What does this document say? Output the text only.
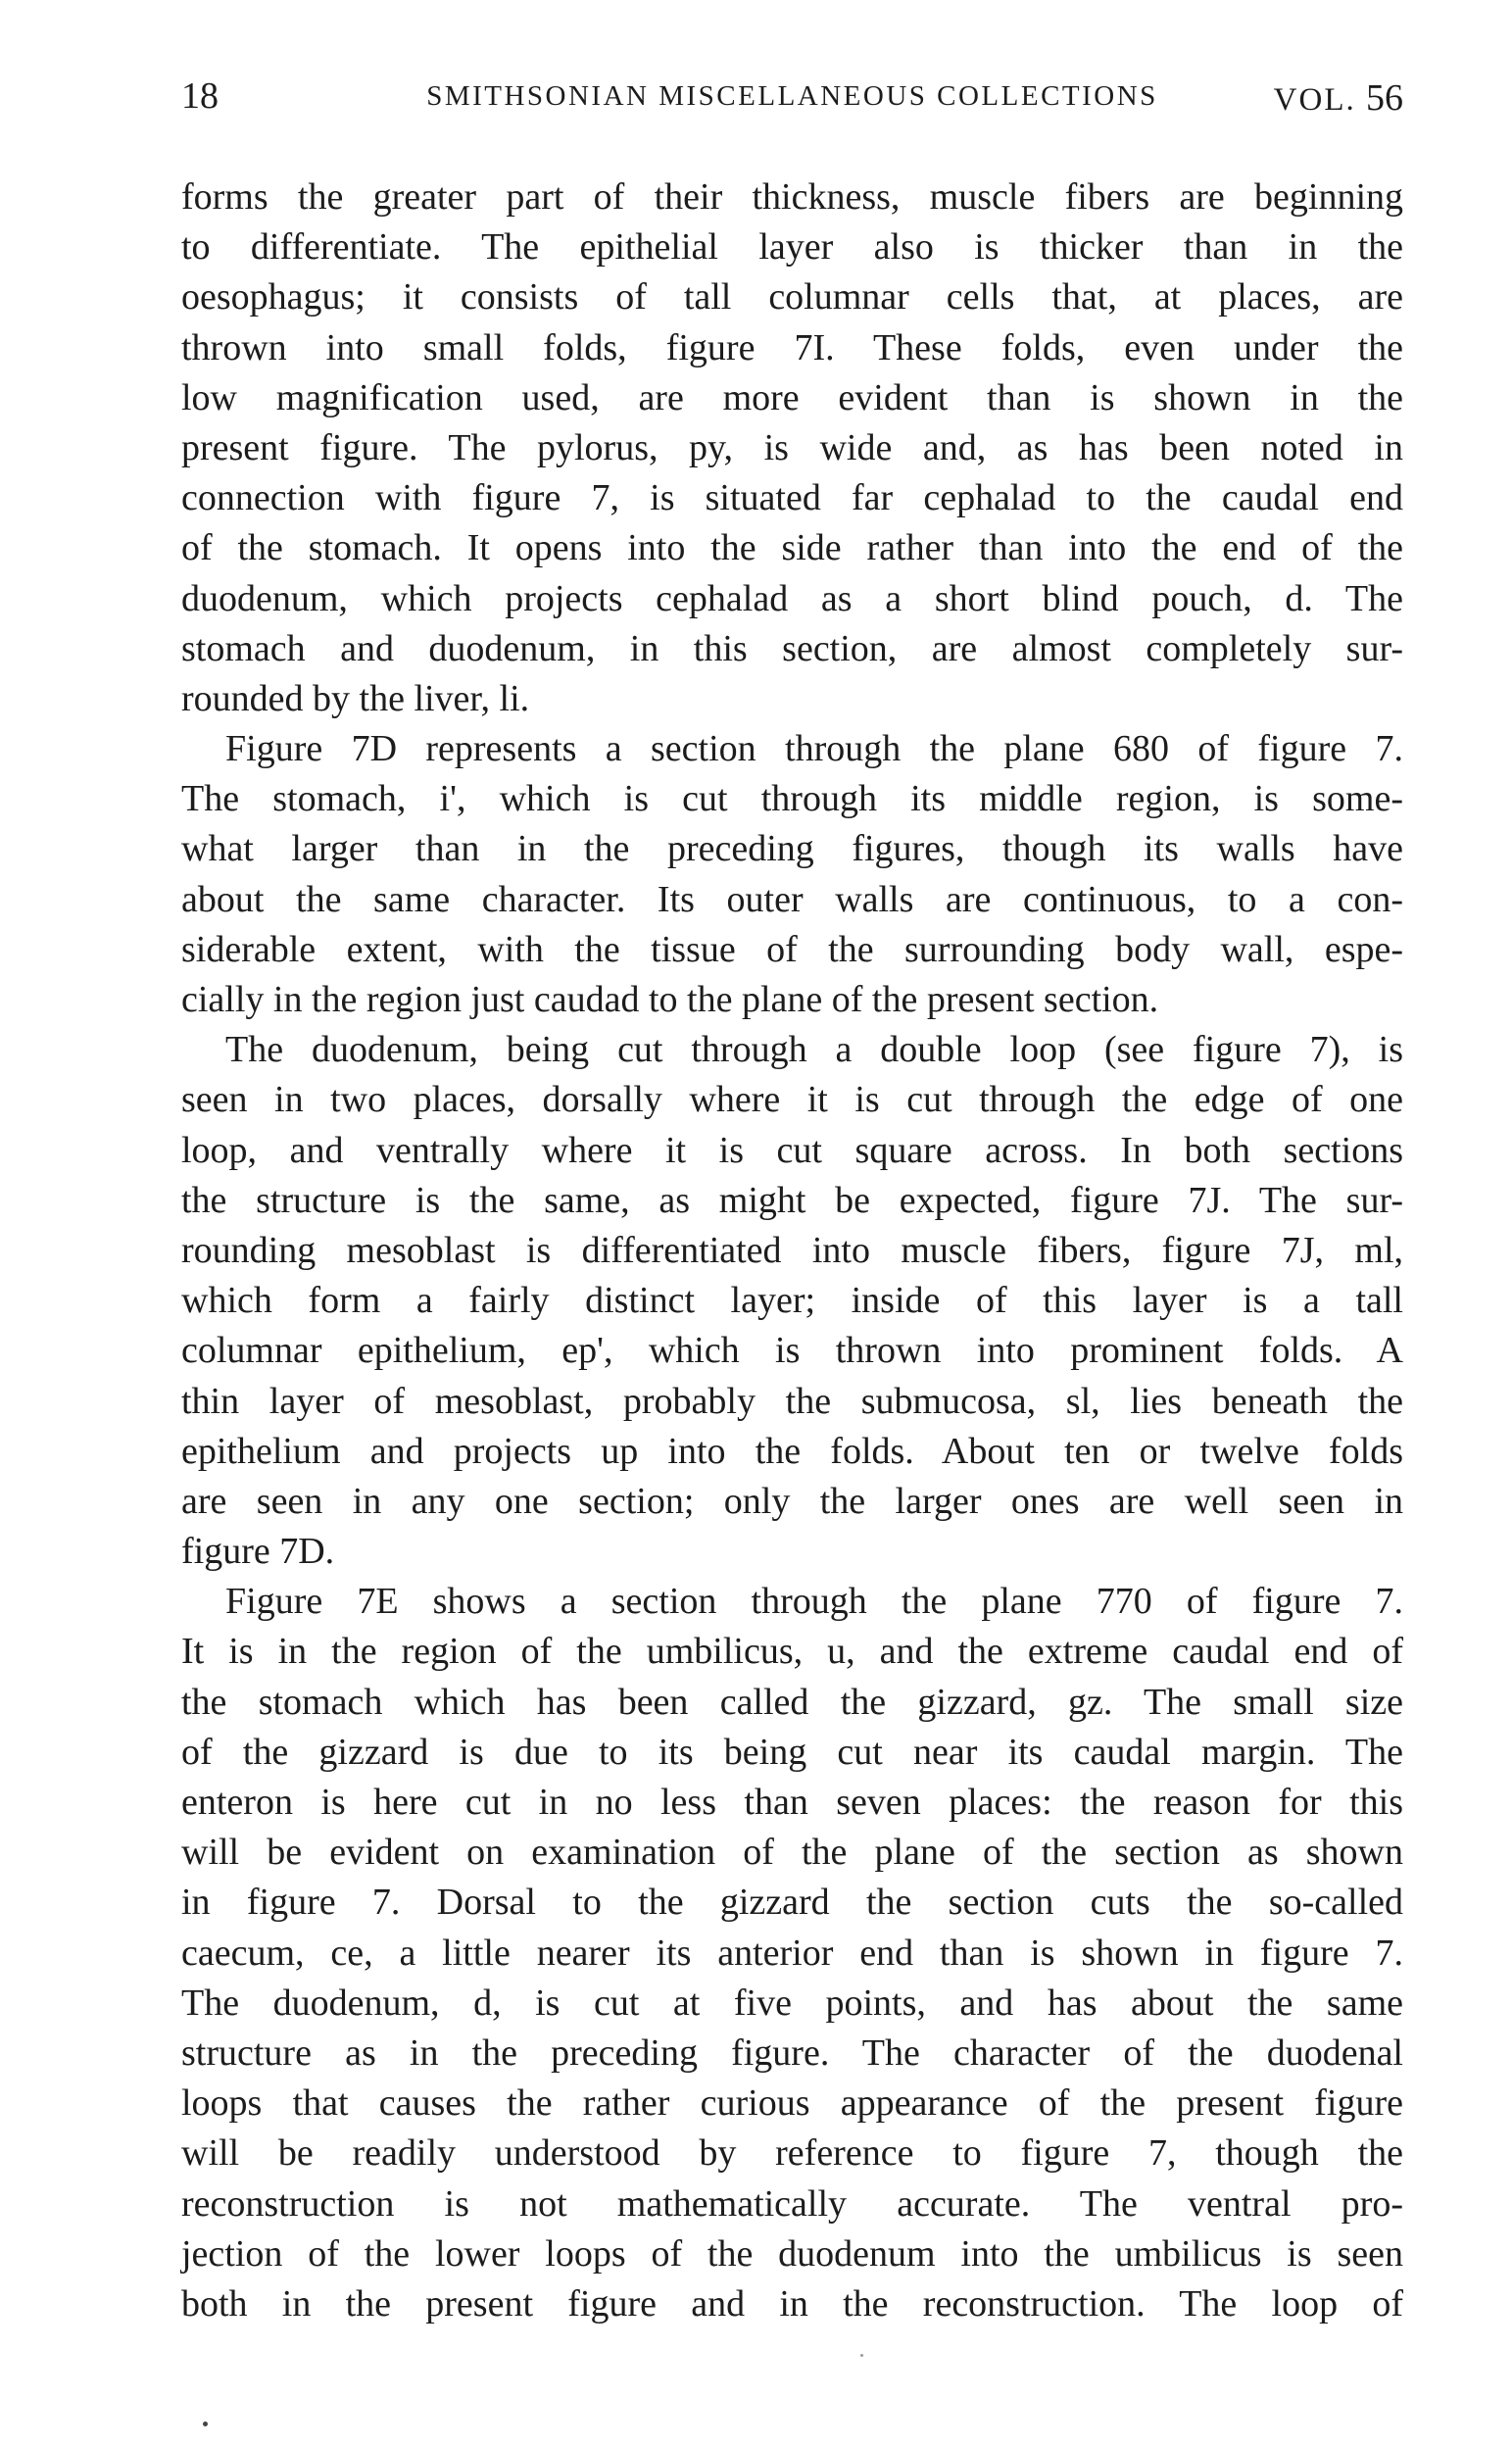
18	SMITHSONIAN MISCELLANEOUS COLLECTIONS	VOL. 56
forms the greater part of their thickness, muscle fibers are beginning
to differentiate. The epithelial layer also is thicker than in the
oesophagus; it consists of tall columnar cells that, at places, are
thrown into small folds, figure 7I. These folds, even under the
low magnification used, are more evident than is shown in the
present figure. The pylorus, py, is wide and, as has been noted in
connection with figure 7, is situated far cephalad to the caudal end
of the stomach. It opens into the side rather than into the end of the
duodenum, which projects cephalad as a short blind pouch, d. The
stomach and duodenum, in this section, are almost completely sur-
rounded by the liver, li.
Figure 7D represents a section through the plane 680 of figure 7.
The stomach, i', which is cut through its middle region, is some-
what larger than in the preceding figures, though its walls have
about the same character. Its outer walls are continuous, to a con-
siderable extent, with the tissue of the surrounding body wall, espe-
cially in the region just caudad to the plane of the present section.
The duodenum, being cut through a double loop (see figure 7), is
seen in two places, dorsally where it is cut through the edge of one
loop, and ventrally where it is cut square across. In both sections
the structure is the same, as might be expected, figure 7J. The sur-
rounding mesoblast is differentiated into muscle fibers, figure 7J, ml,
which form a fairly distinct layer; inside of this layer is a tall
columnar epithelium, ep', which is thrown into prominent folds. A
thin layer of mesoblast, probably the submucosa, sl, lies beneath the
epithelium and projects up into the folds. About ten or twelve folds
are seen in any one section; only the larger ones are well seen in
figure 7D.
Figure 7E shows a section through the plane 770 of figure 7.
It is in the region of the umbilicus, u, and the extreme caudal end of
the stomach which has been called the gizzard, gz. The small size
of the gizzard is due to its being cut near its caudal margin. The
enteron is here cut in no less than seven places: the reason for this
will be evident on examination of the plane of the section as shown
in figure 7. Dorsal to the gizzard the section cuts the so-called
caecum, ce, a little nearer its anterior end than is shown in figure 7.
The duodenum, d, is cut at five points, and has about the same
structure as in the preceding figure. The character of the duodenal
loops that causes the rather curious appearance of the present figure
will be readily understood by reference to figure 7, though the
reconstruction is not mathematically accurate. The ventral pro-
jection of the lower loops of the duodenum into the umbilicus is seen
both in the present figure and in the reconstruction. The loop of
